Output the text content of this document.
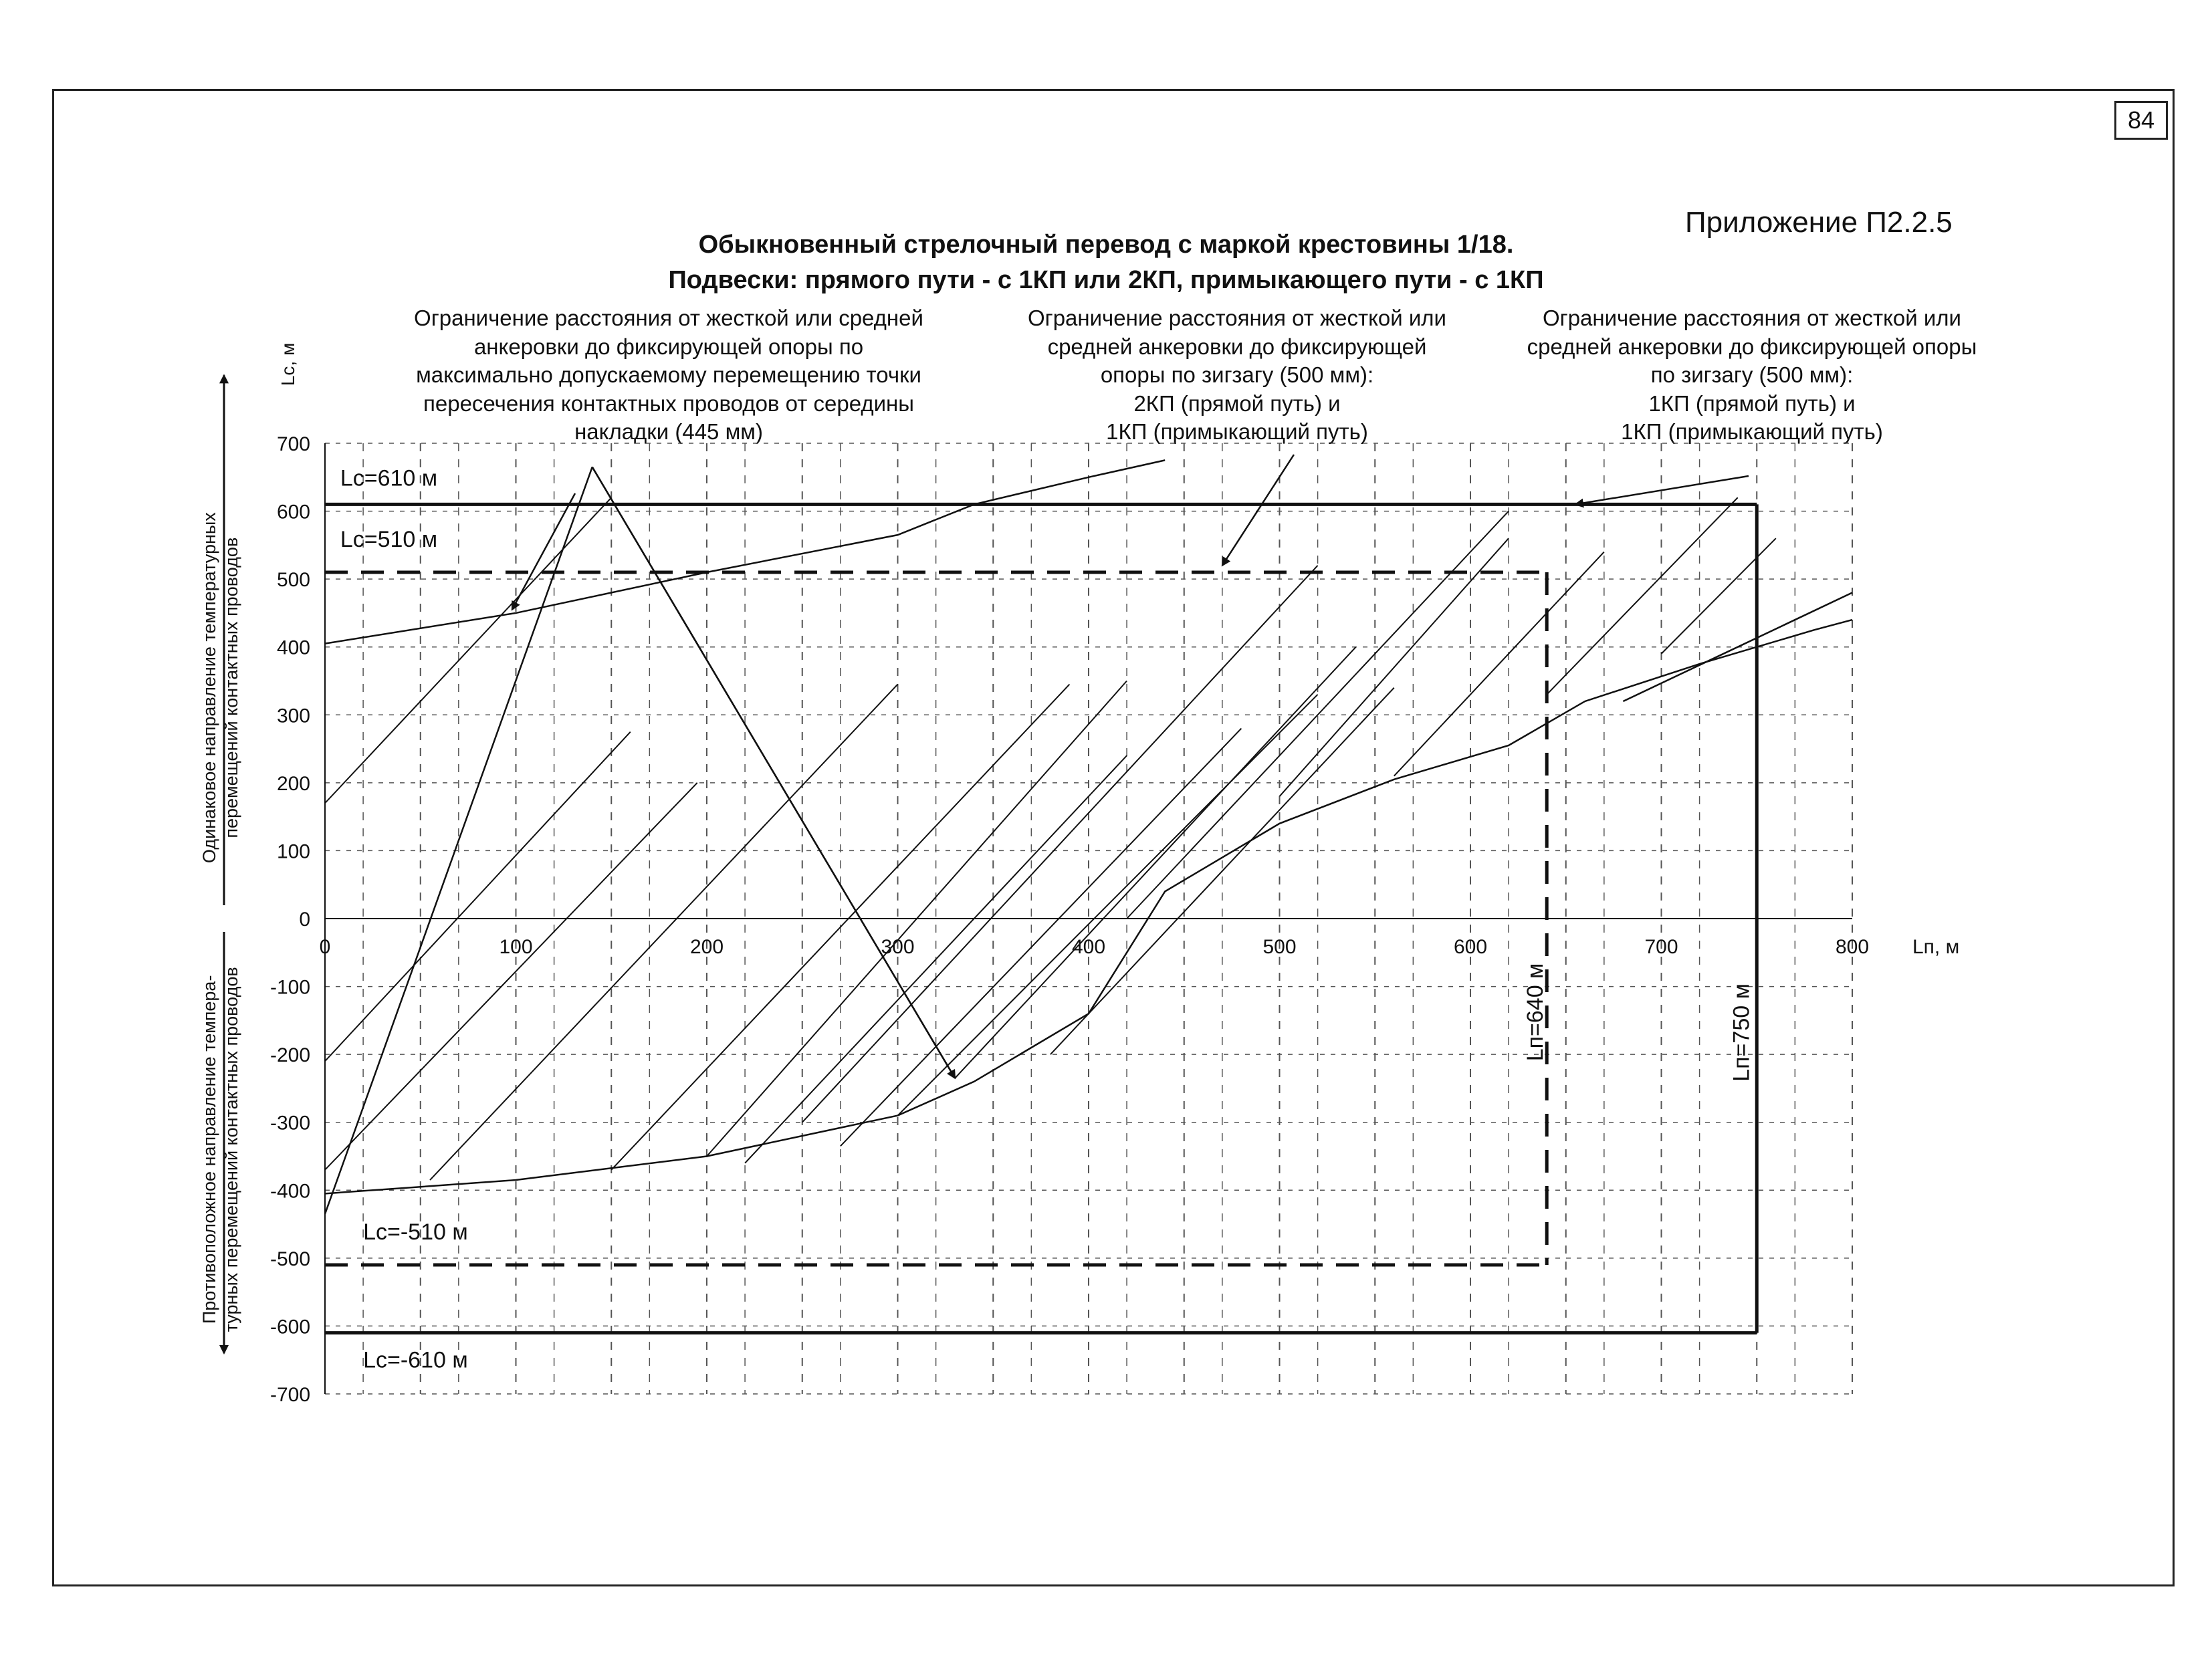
84
Приложение П2.2.5
Обыкновенный стрелочный перевод с маркой крестовины 1/18.
Подвески: прямого пути - с 1КП или 2КП, примыкающего пути - с 1КП
Ограничение расстояния от жесткой или средней
анкеровки до фиксирующей опоры по
максимально допускаемому перемещению точки
пересечения контактных проводов от середины
накладки (445 мм)
Ограничение расстояния от жесткой или
средней анкеровки до фиксирующей
опоры по зигзагу (500 мм):
2КП (прямой путь) и
1КП (примыкающий путь)
Ограничение расстояния от жесткой или
средней анкеровки до фиксирующей опоры
по зигзагу (500 мм):
1КП (прямой путь) и
1КП (примыкающий путь)
700
600
500
400
300
200
100
0
-100
-200
-300
-400
-500
-600
-700
0	100	200	300	400	500	600	700	800 Lп, м
Lc, м
Одинаковое направление температурных перемещений контактных проводов
Противоположное направление темпера- турных перемещений контактных проводов
Lc=610 м
Lc=510 м
Lc=-510 м
Lc=-610 м
Lп=640 м	Lп=750 м
